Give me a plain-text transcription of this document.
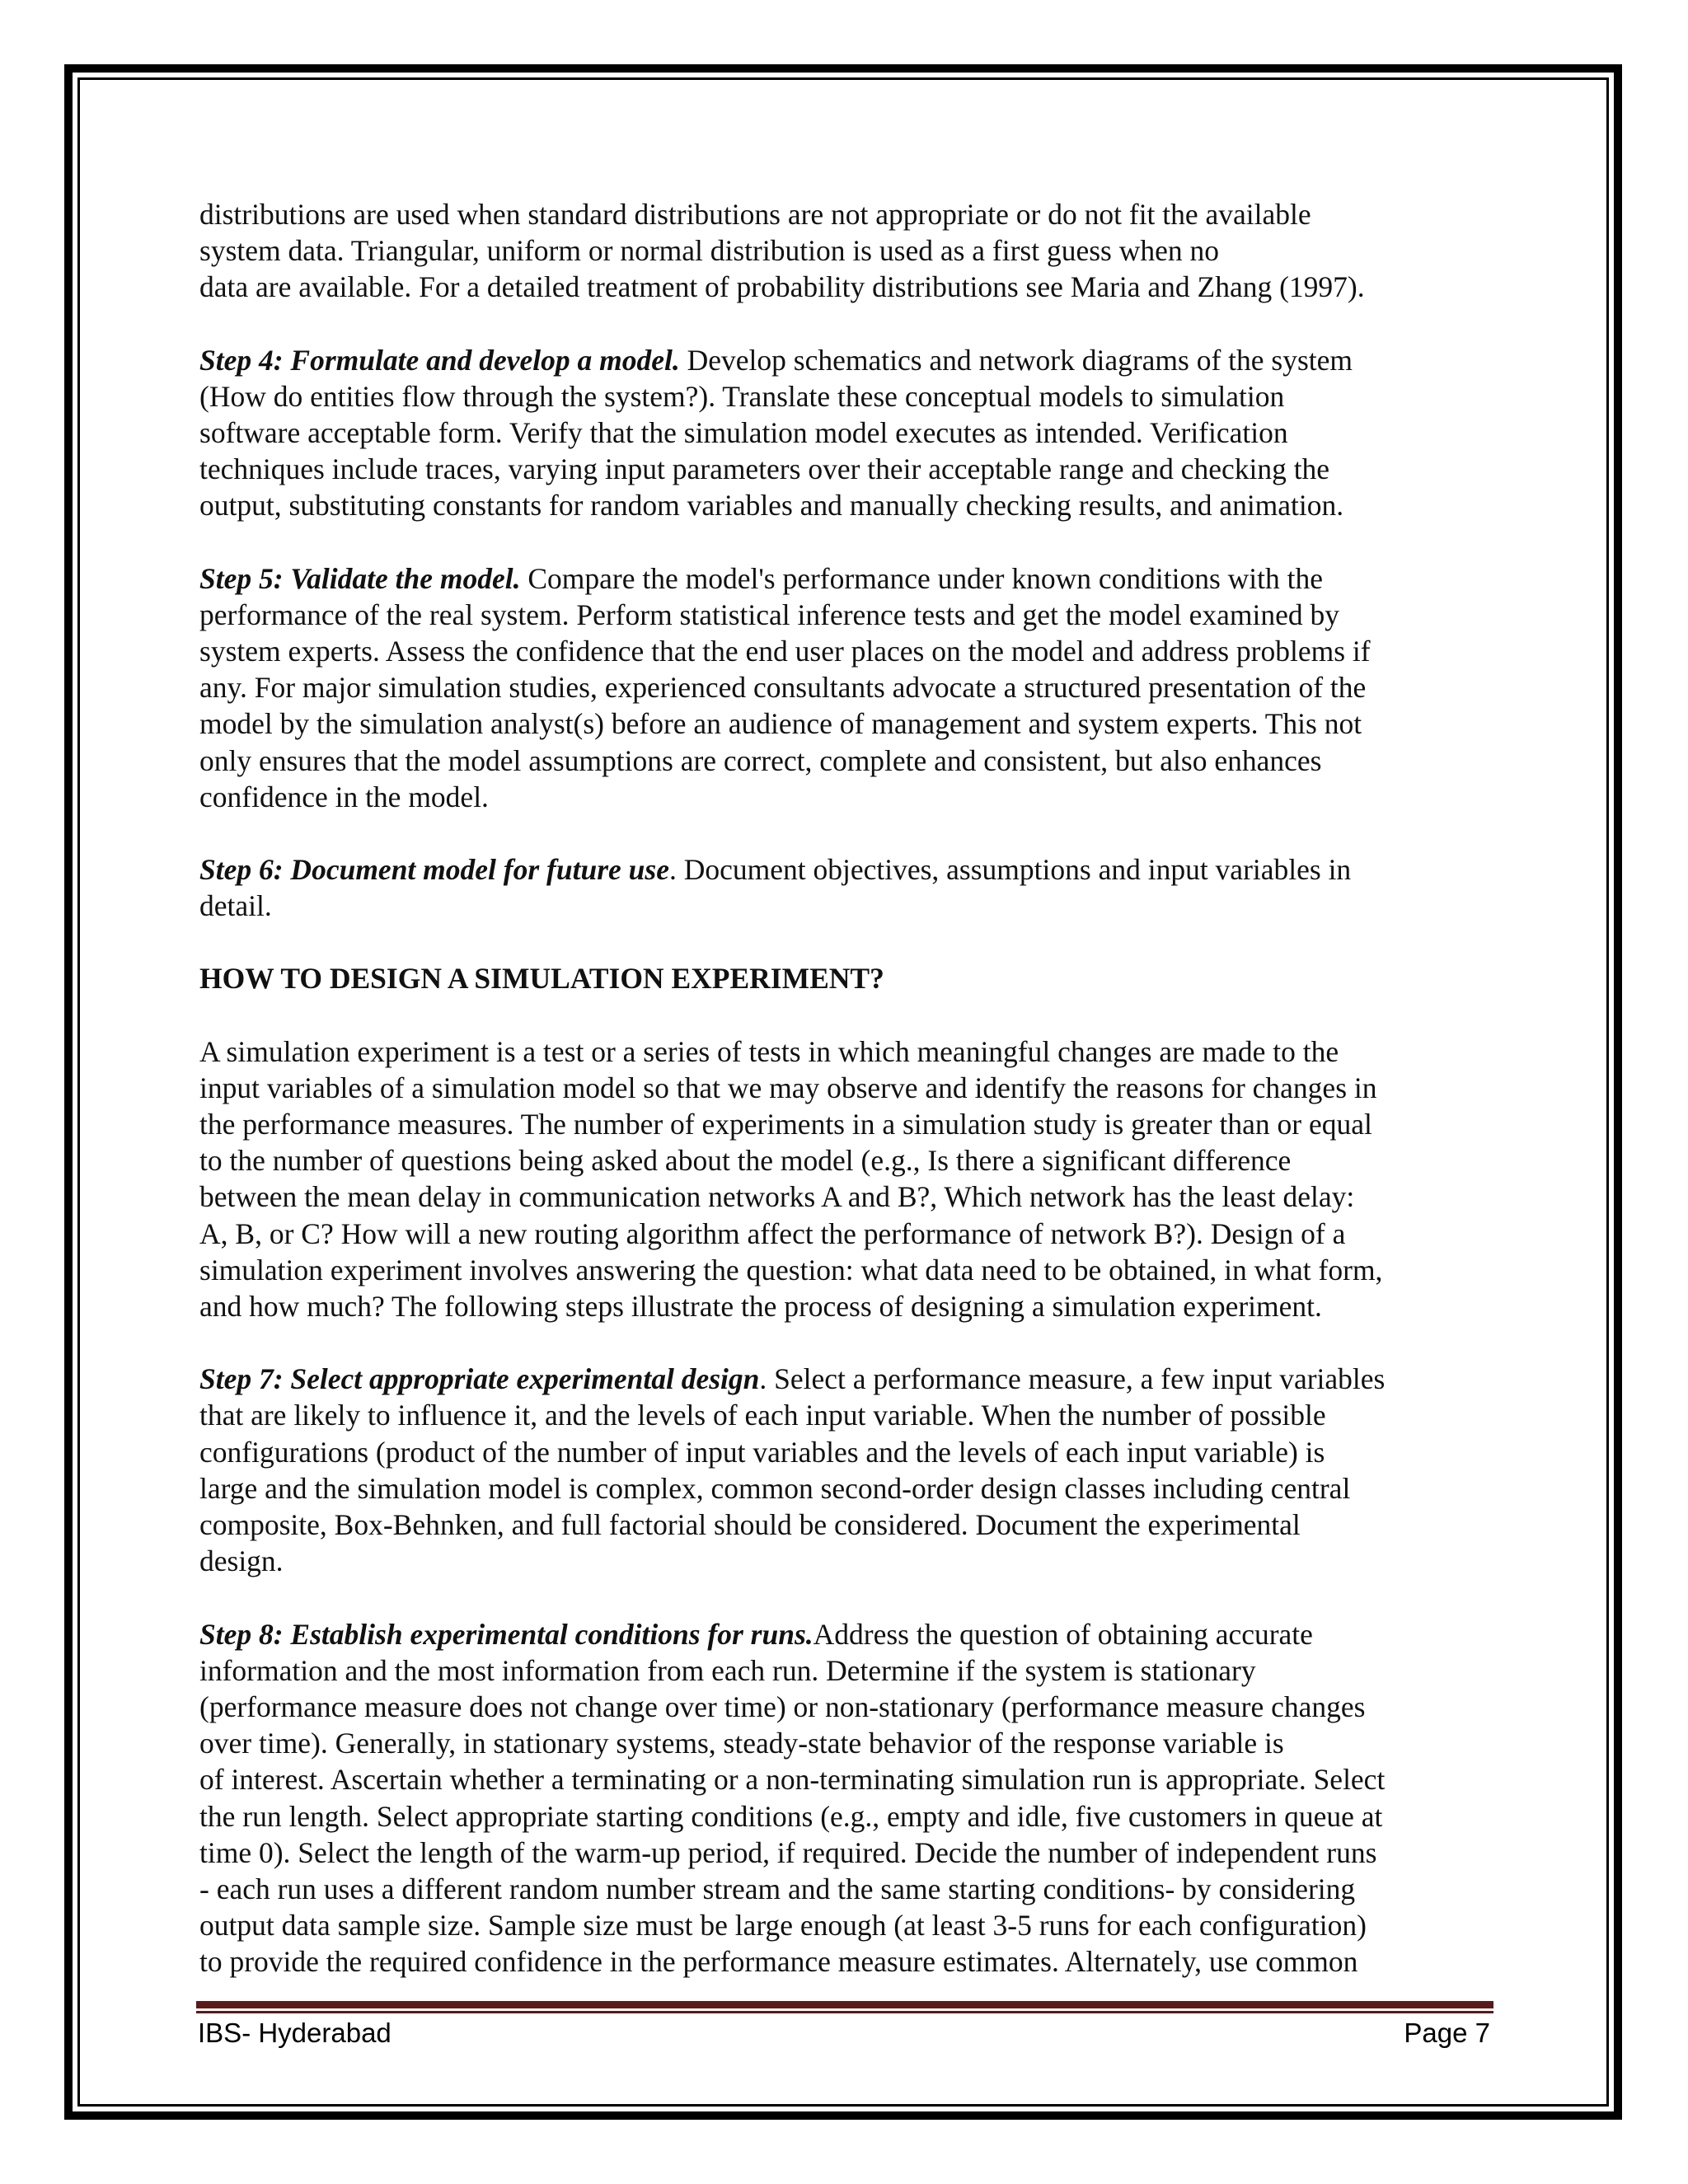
distributions are used when standard distributions are not appropriate or do not fit the available
system data. Triangular, uniform or normal distribution is used as a first guess when no
data are available. For a detailed treatment of probability distributions see Maria and Zhang (1997).

Step 4: Formulate and develop a model. Develop schematics and network diagrams of the system
(How do entities flow through the system?). Translate these conceptual models to simulation
software acceptable form. Verify that the simulation model executes as intended. Verification
techniques include traces, varying input parameters over their acceptable range and checking the
output, substituting constants for random variables and manually checking results, and animation.

Step 5: Validate the model. Compare the model's performance under known conditions with the
performance of the real system. Perform statistical inference tests and get the model examined by
system experts. Assess the confidence that the end user places on the model and address problems if
any. For major simulation studies, experienced consultants advocate a structured presentation of the
model by the simulation analyst(s) before an audience of management and system experts. This not
only ensures that the model assumptions are correct, complete and consistent, but also enhances
confidence in the model.

Step 6: Document model for future use. Document objectives, assumptions and input variables in
detail.

HOW TO DESIGN A SIMULATION EXPERIMENT?

A simulation experiment is a test or a series of tests in which meaningful changes are made to the
input variables of a simulation model so that we may observe and identify the reasons for changes in
the performance measures. The number of experiments in a simulation study is greater than or equal
to the number of questions being asked about the model (e.g., Is there a significant difference
between the mean delay in communication networks A and B?, Which network has the least delay:
A, B, or C? How will a new routing algorithm affect the performance of network B?). Design of a
simulation experiment involves answering the question: what data need to be obtained, in what form,
and how much? The following steps illustrate the process of designing a simulation experiment.

Step 7: Select appropriate experimental design. Select a performance measure, a few input variables
that are likely to influence it, and the levels of each input variable. When the number of possible
configurations (product of the number of input variables and the levels of each input variable) is
large and the simulation model is complex, common second-order design classes including central
composite, Box-Behnken, and full factorial should be considered. Document the experimental
design.

Step 8: Establish experimental conditions for runs.Address the question of obtaining accurate
information and the most information from each run. Determine if the system is stationary
(performance measure does not change over time) or non-stationary (performance measure changes
over time). Generally, in stationary systems, steady-state behavior of the response variable is
of interest. Ascertain whether a terminating or a non-terminating simulation run is appropriate. Select
the run length. Select appropriate starting conditions (e.g., empty and idle, five customers in queue at
time 0). Select the length of the warm-up period, if required. Decide the number of independent runs
- each run uses a different random number stream and the same starting conditions- by considering
output data sample size. Sample size must be large enough (at least 3-5 runs for each configuration)
to provide the required confidence in the performance measure estimates. Alternately, use common

IBS- Hyderabad	Page 7
